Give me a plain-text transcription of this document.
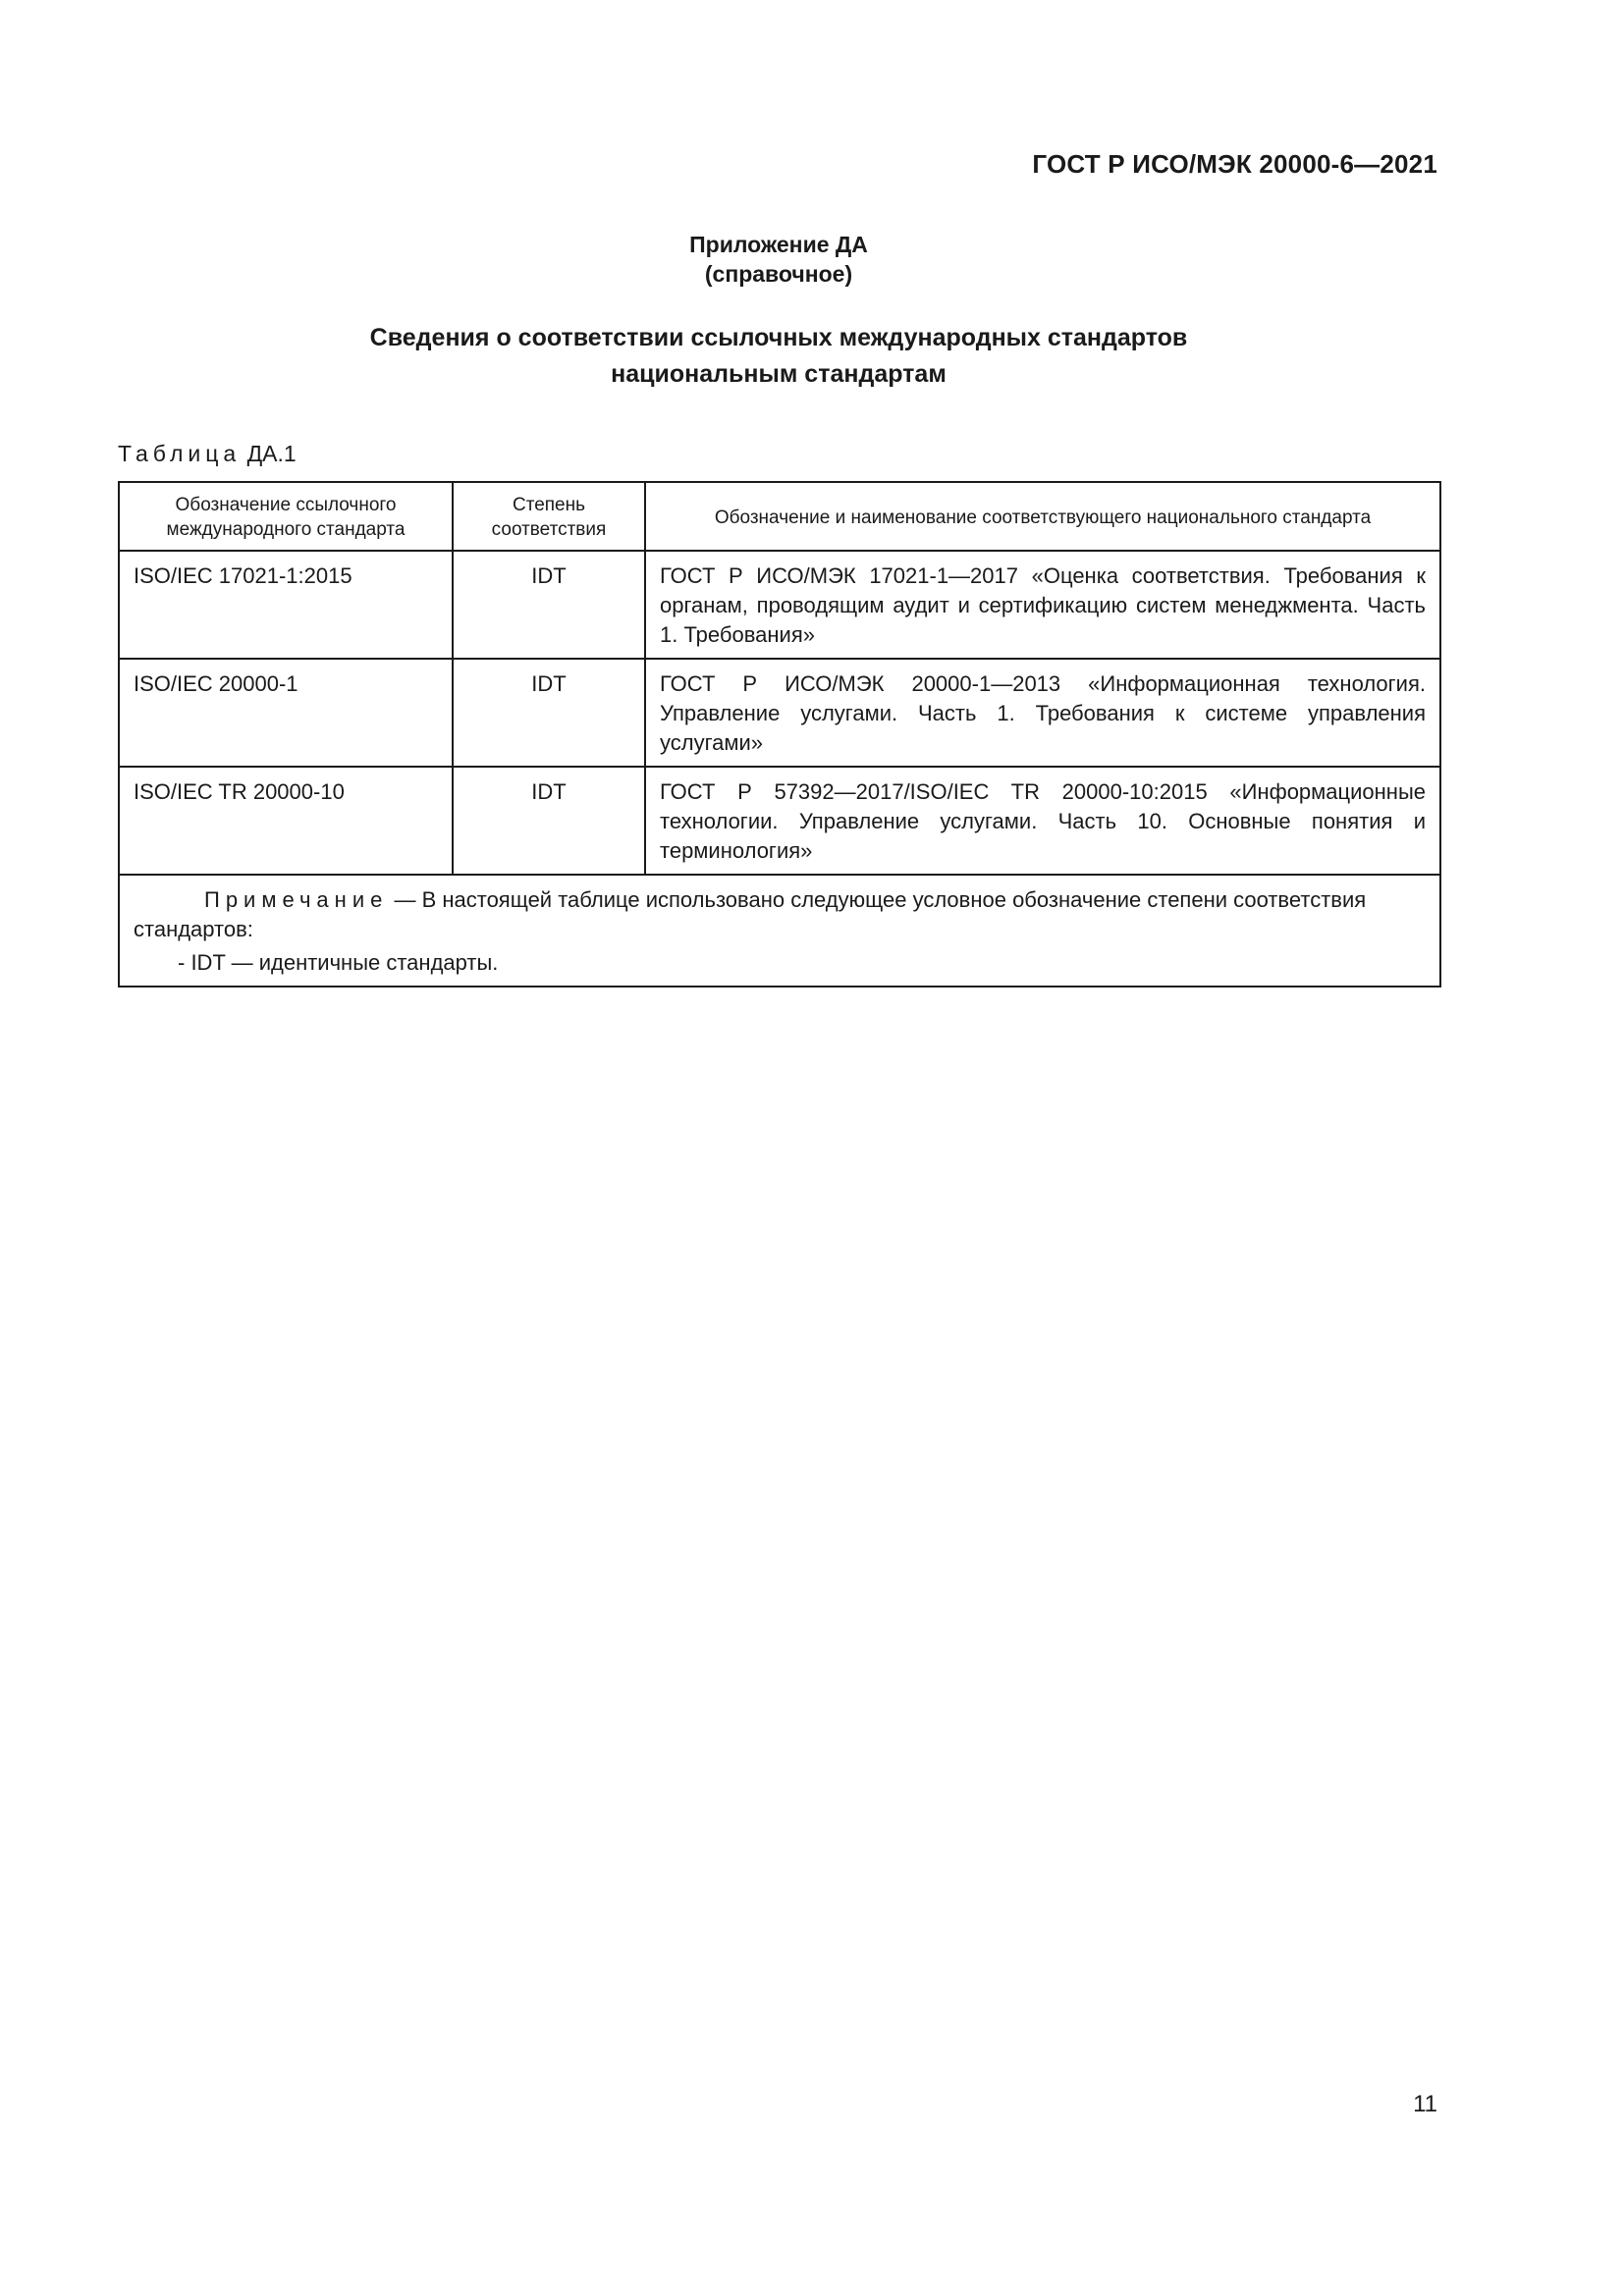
ГОСТ Р ИСО/МЭК 20000-6—2021
Приложение ДА
(справочное)
Сведения о соответствии ссылочных международных стандартов
национальным стандартам
Таблица ДА.1
Обозначение ссылочного международного стандарта	Степень соответствия	Обозначение и наименование соответствующего национального стандарта
ISO/IEC 17021-1:2015	IDT	ГОСТ Р ИСО/МЭК 17021-1—2017 «Оценка соответствия. Требования к органам, проводящим аудит и сертификацию систем менеджмента. Часть 1. Требования»
ISO/IEC 20000-1	IDT	ГОСТ Р ИСО/МЭК 20000-1—2013 «Информационная технология. Управление услугами. Часть 1. Требования к системе управления услугами»
ISO/IEC TR 20000-10	IDT	ГОСТ Р 57392—2017/ISO/IEC TR 20000-10:2015 «Информационные технологии. Управление услугами. Часть 10. Основные понятия и терминология»

Примечание — В настоящей таблице использовано следующее условное обозначение степени соответствия стандартов:
- IDT — идентичные стандарты.		
11
